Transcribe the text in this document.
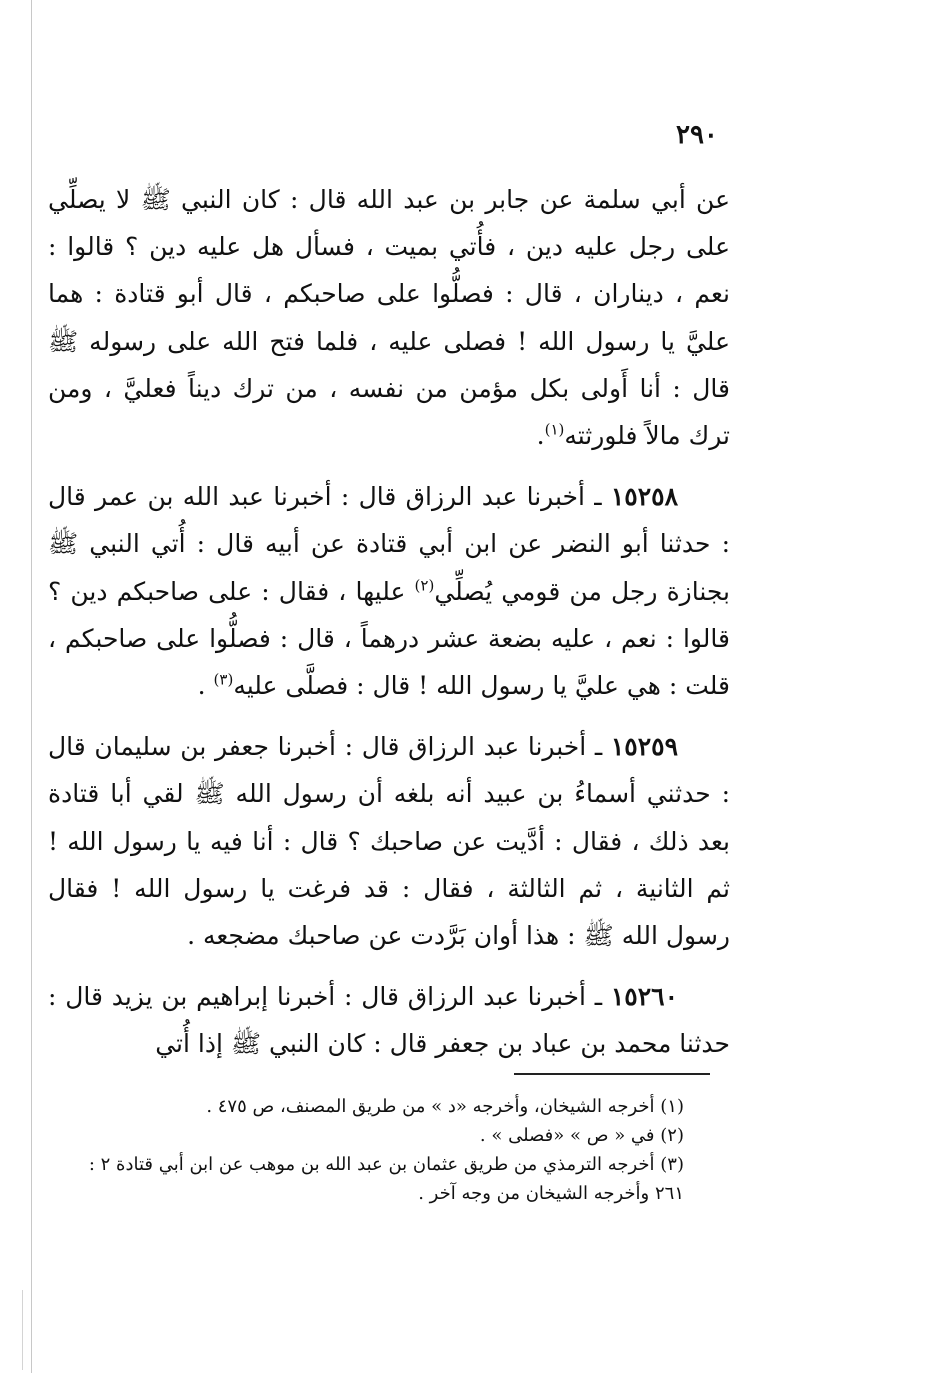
٢٩٠

عن أبي سلمة عن جابر بن عبد الله قال : كان النبي ﷺ لا يصلِّي على رجل عليه دين ، فأُتي بميت ، فسأل هل عليه دين ؟ قالوا : نعم ، ديناران ، قال : فصلُّوا على صاحبكم ، قال أبو قتادة : هما عليَّ يا رسول الله ! فصلى عليه ، فلما فتح الله على رسوله ﷺ قال : أنا أَولى بكل مؤمن من نفسه ، من ترك ديناً فعليَّ ، ومن ترك مالاً فلورثته$^{(١)}$.

١٥٢٥٨ ـ أخبرنا عبد الرزاق قال : أخبرنا عبد الله بن عمر قال : حدثنا أبو النضر عن ابن أبي قتادة عن أبيه قال : أُتي النبي ﷺ بجنازة رجل من قومي يُصلِّي$^{(٢)}$ عليها ، فقال : على صاحبكم دين ؟ قالوا : نعم ، عليه بضعة عشر درهماً ، قال : فصلُّوا على صاحبكم ، قلت : هي عليَّ يا رسول الله ! قال : فصلَّى عليه$^{(٣)}$ .

١٥٢٥٩ ـ أخبرنا عبد الرزاق قال : أخبرنا جعفر بن سليمان قال : حدثني أسماءُ بن عبيد أنه بلغه أن رسول الله ﷺ لقي أبا قتادة بعد ذلك ، فقال : أدَّيت عن صاحبك ؟ قال : أنا فيه يا رسول الله ! ثم الثانية ، ثم الثالثة ، فقال : قد فرغت يا رسول الله ! فقال رسول الله ﷺ : هذا أوان بَرَّدت عن صاحبك مضجعه .

١٥٢٦٠ ـ أخبرنا عبد الرزاق قال : أخبرنا إبراهيم بن يزيد قال : حدثنا محمد بن عباد بن جعفر قال : كان النبي ﷺ إذا أُتي

(١) أخرجه الشيخان، وأخرجه «د » من طريق المصنف، ص ٤٧٥ .

(٢) في « ص » «فصلى » .

(٣) أخرجه الترمذي من طريق عثمان بن عبد الله بن موهب عن ابن أبي قتادة ٢ :

٢٦١ وأخرجه الشيخان من وجه آخر .
